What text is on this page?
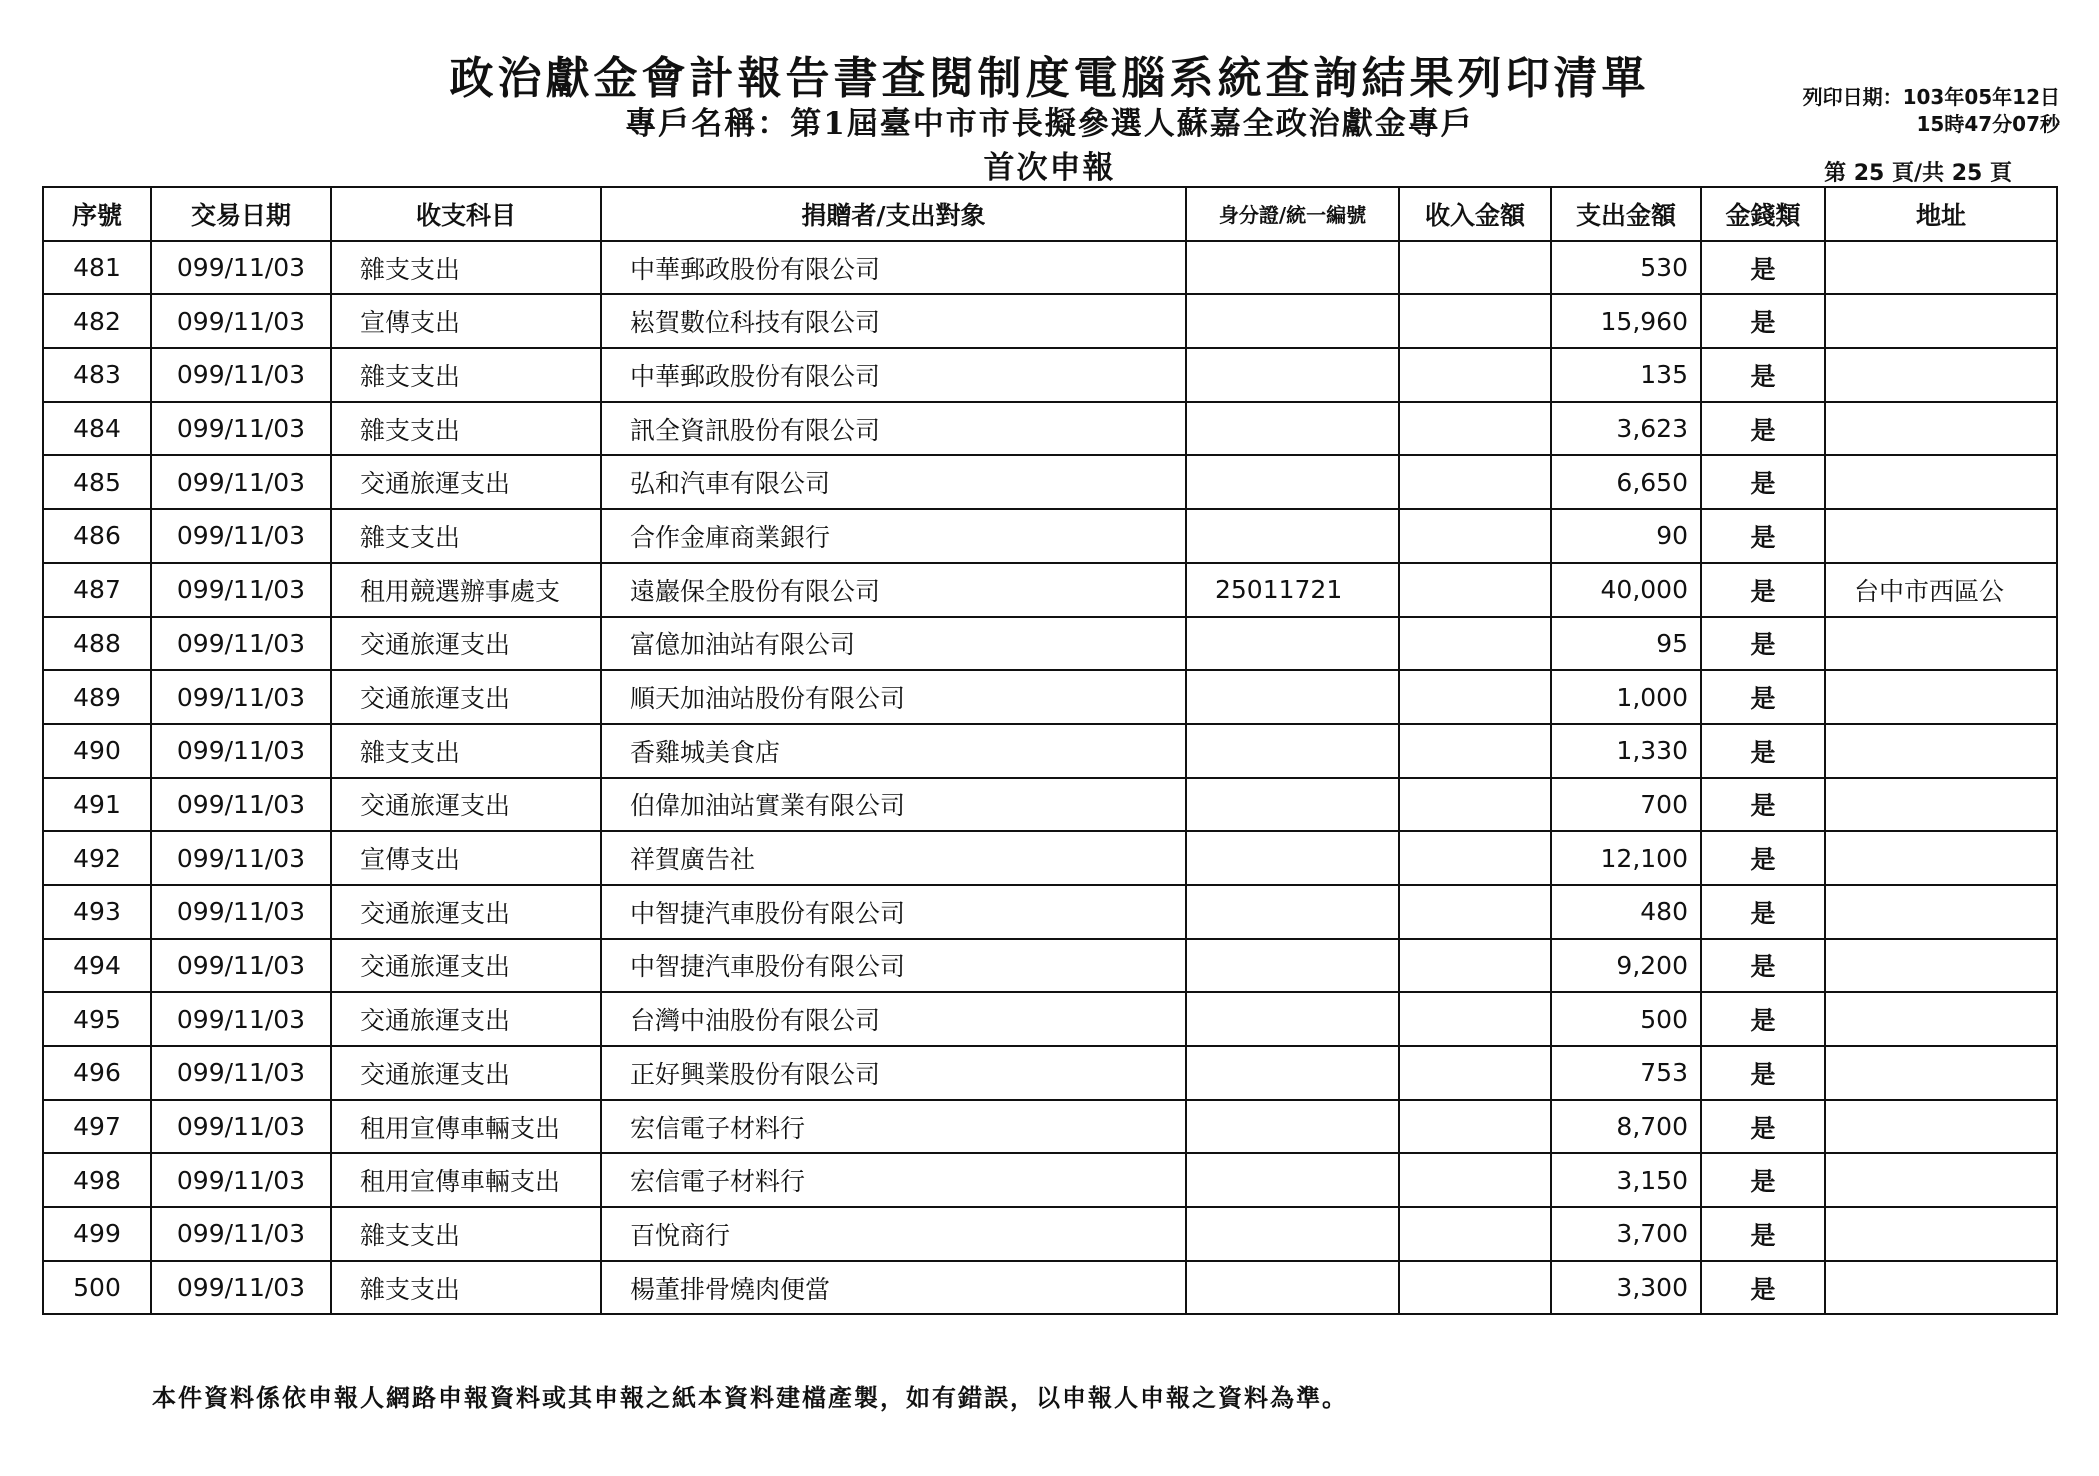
政治獻金會計報告書查閱制度電腦系統查詢結果列印清單
專戶名稱：第1屆臺中市市長擬參選人蘇嘉全政治獻金專戶
首次申報
列印日期：103年05年12日
15時47分07秒
第 25 頁/共 25 頁
序號	交易日期	收支科目	捐贈者/支出對象	身分證/統一編號	收入金額	支出金額	金錢類	地址
481	099/11/03	雜支支出	中華郵政股份有限公司			530	是	
482	099/11/03	宣傳支出	崧賀數位科技有限公司			15,960	是	
483	099/11/03	雜支支出	中華郵政股份有限公司			135	是	
484	099/11/03	雜支支出	訊全資訊股份有限公司			3,623	是	
485	099/11/03	交通旅運支出	弘和汽車有限公司			6,650	是	
486	099/11/03	雜支支出	合作金庫商業銀行			90	是	
487	099/11/03	租用競選辦事處支	遠巖保全股份有限公司	25011721		40,000	是	台中市西區公
488	099/11/03	交通旅運支出	富億加油站有限公司			95	是	
489	099/11/03	交通旅運支出	順天加油站股份有限公司			1,000	是	
490	099/11/03	雜支支出	香雞城美食店			1,330	是	
491	099/11/03	交通旅運支出	伯偉加油站實業有限公司			700	是	
492	099/11/03	宣傳支出	祥賀廣告社			12,100	是	
493	099/11/03	交通旅運支出	中智捷汽車股份有限公司			480	是	
494	099/11/03	交通旅運支出	中智捷汽車股份有限公司			9,200	是	
495	099/11/03	交通旅運支出	台灣中油股份有限公司			500	是	
496	099/11/03	交通旅運支出	正好興業股份有限公司			753	是	
497	099/11/03	租用宣傳車輛支出	宏信電子材料行			8,700	是	
498	099/11/03	租用宣傳車輛支出	宏信電子材料行			3,150	是	
499	099/11/03	雜支支出	百悅商行			3,700	是	
500	099/11/03	雜支支出	楊董排骨燒肉便當			3,300	是	
本件資料係依申報人網路申報資料或其申報之紙本資料建檔產製，如有錯誤，以申報人申報之資料為準。
